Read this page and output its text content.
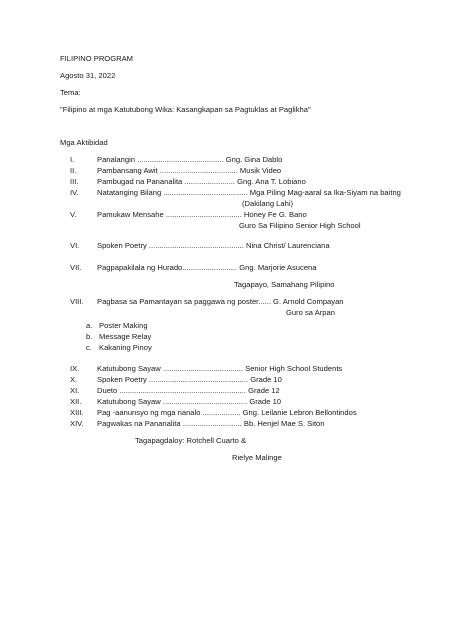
FILIPINO PROGRAM
Agosto 31, 2022
Tema:
"Filipino at mga Katutubong Wika: Kasangkapan sa Pagtuklas at Paglikha"
Mga Aktibidad
I.	Panalangin ......................................... Gng. Gina Dablo
II.	Pambansang Awit ..................................... Musik Video
III. Pambugad na Pananalita ........................ Gng. Ana T. Lobiano
IV. Natatanging Bilang ........................................ Mga Piling Mag-aaral sa Ika-Siyam na baitng
(Dakilang Lahi)
V.	Pamukaw Mensahe .................................... Honey Fe G. Bano
Guro Sa Filipino Senior High School
VI. Spoken Poetry ............................................. Nina Christ/ Laurenciana
VII. Pagpapakilala ng Hurado.......................... Gng. Marjorie Asucena
Tagapayo, Samahang Pilipino
VIII. Pagbasa sa Pamantayan sa paggawa ng poster...... G. Arnold Compayan
Guro sa Arpan
a. Poster Making
b. Message Relay
c. Kakaning Pinoy
IX. Katutubong Sayaw ...................................... Senior High School Students
X.	Spoken Poetry ............................................... Grade 10
XI. Dueto ............................................................ Grade 12
XII. Katutubong Sayaw ........................................ Grade 10
XIII. Pag -aanunsyo ng mga nanalo .................. Gng. Leilanie Lebron Bellontindos
XIV. Pagwakas na Pananalita ............................ Bb. Henjel Mae S. Siton
Tagapagdaloy: Rotchell Cuarto &
Rielye Malinge
